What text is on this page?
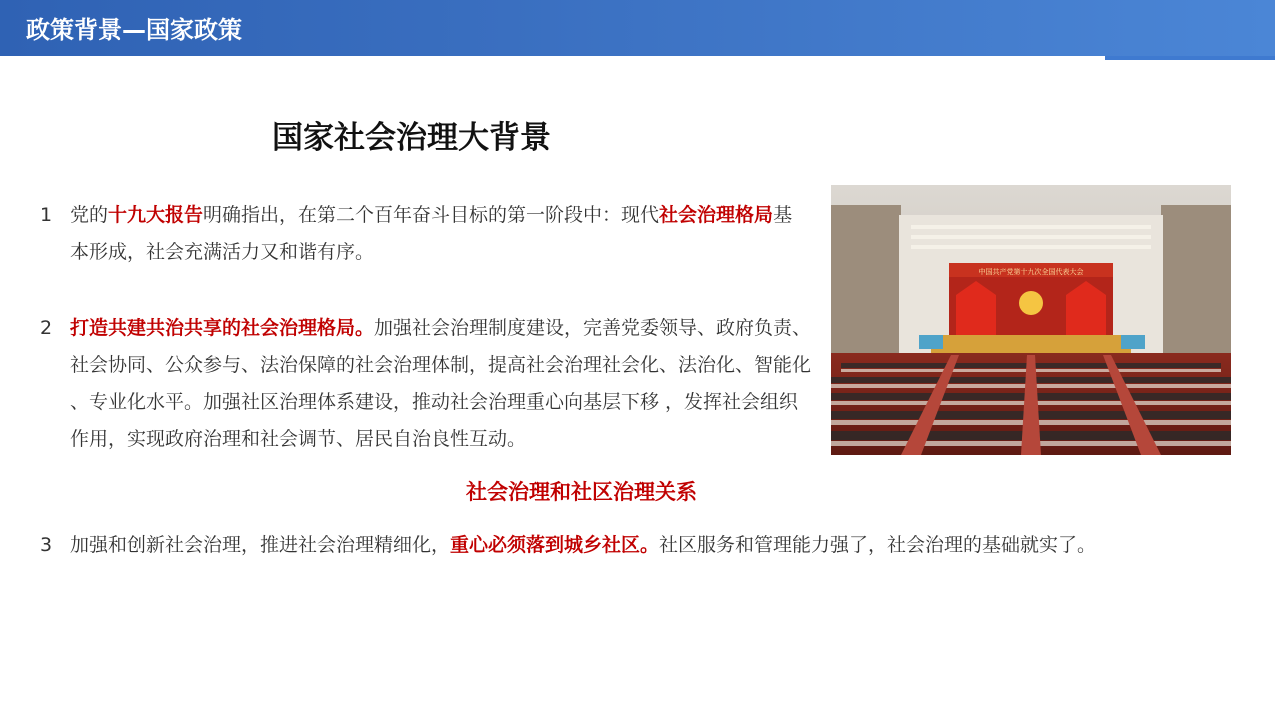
政策背景—国家政策
国家社会治理大背景
1 党的十九大报告明确指出，在第二个百年奋斗目标的第一阶段中：现代社会治理格局基本形成，社会充满活力又和谐有序。
2 打造共建共治共享的社会治理格局。加强社会治理制度建设，完善党委领导、政府负责、社会协同、公众参与、法治保障的社会治理体制，提高社会治理社会化、法治化、智能化 、专业化水平。加强社区治理体系建设，推动社会治理重心向基层下移 ，发挥社会组织作用，实现政府治理和社会调节、居民自治良性互动。
社会治理和社区治理关系
3 加强和创新社会治理，推进社会治理精细化，重心必须落到城乡社区。社区服务和管理能力强了，社会治理的基础就实了。
中国共产党第十九次全国代表大会
